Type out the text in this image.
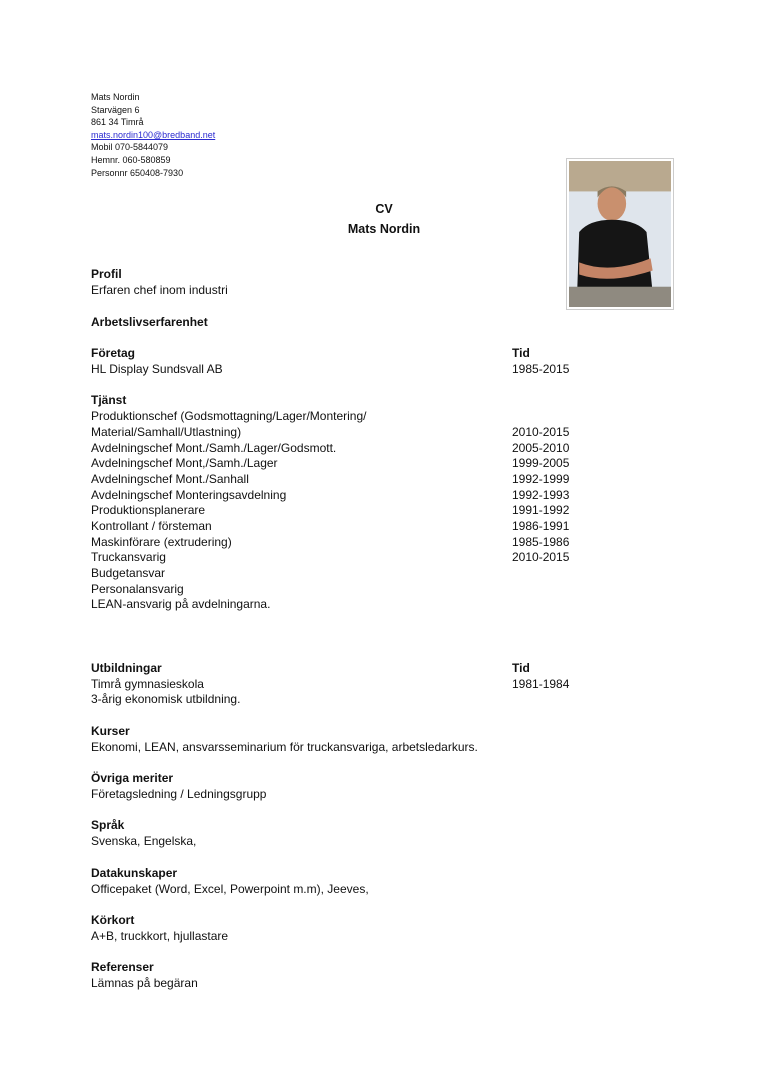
Mats Nordin
Starvägen 6
861 34 Timrå
mats.nordin100@bredband.net
Mobil 070-5844079
Hemnr. 060-580859
Personnr 650408-7930
CV
Mats Nordin
Profil
Erfaren chef inom industri
Arbetslivserfarenhet
Företag	Tid
HL Display Sundsvall AB	1985-2015
Tjänst
Produktionschef (Godsmottagning/Lager/Montering/
Material/Samhall/Utlastning)	2010-2015
Avdelningschef Mont./Samh./Lager/Godsmott.	2005-2010
Avdelningschef Mont,/Samh./Lager	1999-2005
Avdelningschef Mont./Sanhall	1992-1999
Avdelningschef Monteringsavdelning	1992-1993
Produktionsplanerare	1991-1992
Kontrollant / försteman	1986-1991
Maskinförare (extrudering)	1985-1986
Truckansvarig	2010-2015
Budgetansvar
Personalansvarig
LEAN-ansvarig på avdelningarna.
Utbildningar	Tid
Timrå gymnasieskola	1981-1984
3-årig ekonomisk utbildning.
Kurser
Ekonomi, LEAN, ansvarsseminarium för truckansvariga, arbetsledarkurs.
Övriga meriter
Företagsledning / Ledningsgrupp
Språk
Svenska, Engelska,
Datakunskaper
Officepaket (Word, Excel, Powerpoint m.m), Jeeves,
Körkort
A+B, truckkort, hjullastare
Referenser
Lämnas på begäran
